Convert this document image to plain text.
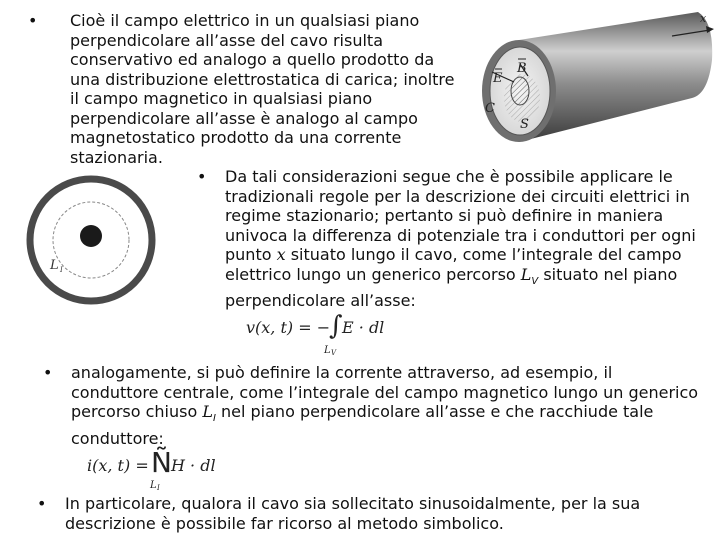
• Cioè il campo elettrico in un qualsiasi piano
perpendicolare all’asse del cavo risulta
conservativo ed analogo a quello prodotto da
una distribuzione elettrostatica di carica; inoltre
il campo magnetico in qualsiasi piano
perpendicolare all’asse è analogo al campo
magnetostatico prodotto da una corrente
stazionaria.
x
E
B
C
S
L I
• Da tali considerazioni segue che è possibile applicare le
tradizionali regole per la descrizione dei circuiti elettrici in
regime stazionario; pertanto si può definire in maniera
univoca la differenza di potenziale tra i conduttori per ogni
punto x situato lungo il cavo, come l’integrale del campo
elettrico lungo un generico percorso $L_V$ situato nel piano
perpendicolare all’asse:
v(x, t) = −
∫ E · dl
L V
• analogamente, si può definire la corrente attraverso, ad esempio, il
conduttore centrale, come l’integrale del campo magnetico lungo un generico
percorso chiuso $L_I$ nel piano perpendicolare all’asse e che racchiude tale
conduttore:
i(x, t) = Ñ H · dl
L I
• In particolare, qualora il cavo sia sollecitato sinusoidalmente, per la sua
descrizione è possibile far ricorso al metodo simbolico.
